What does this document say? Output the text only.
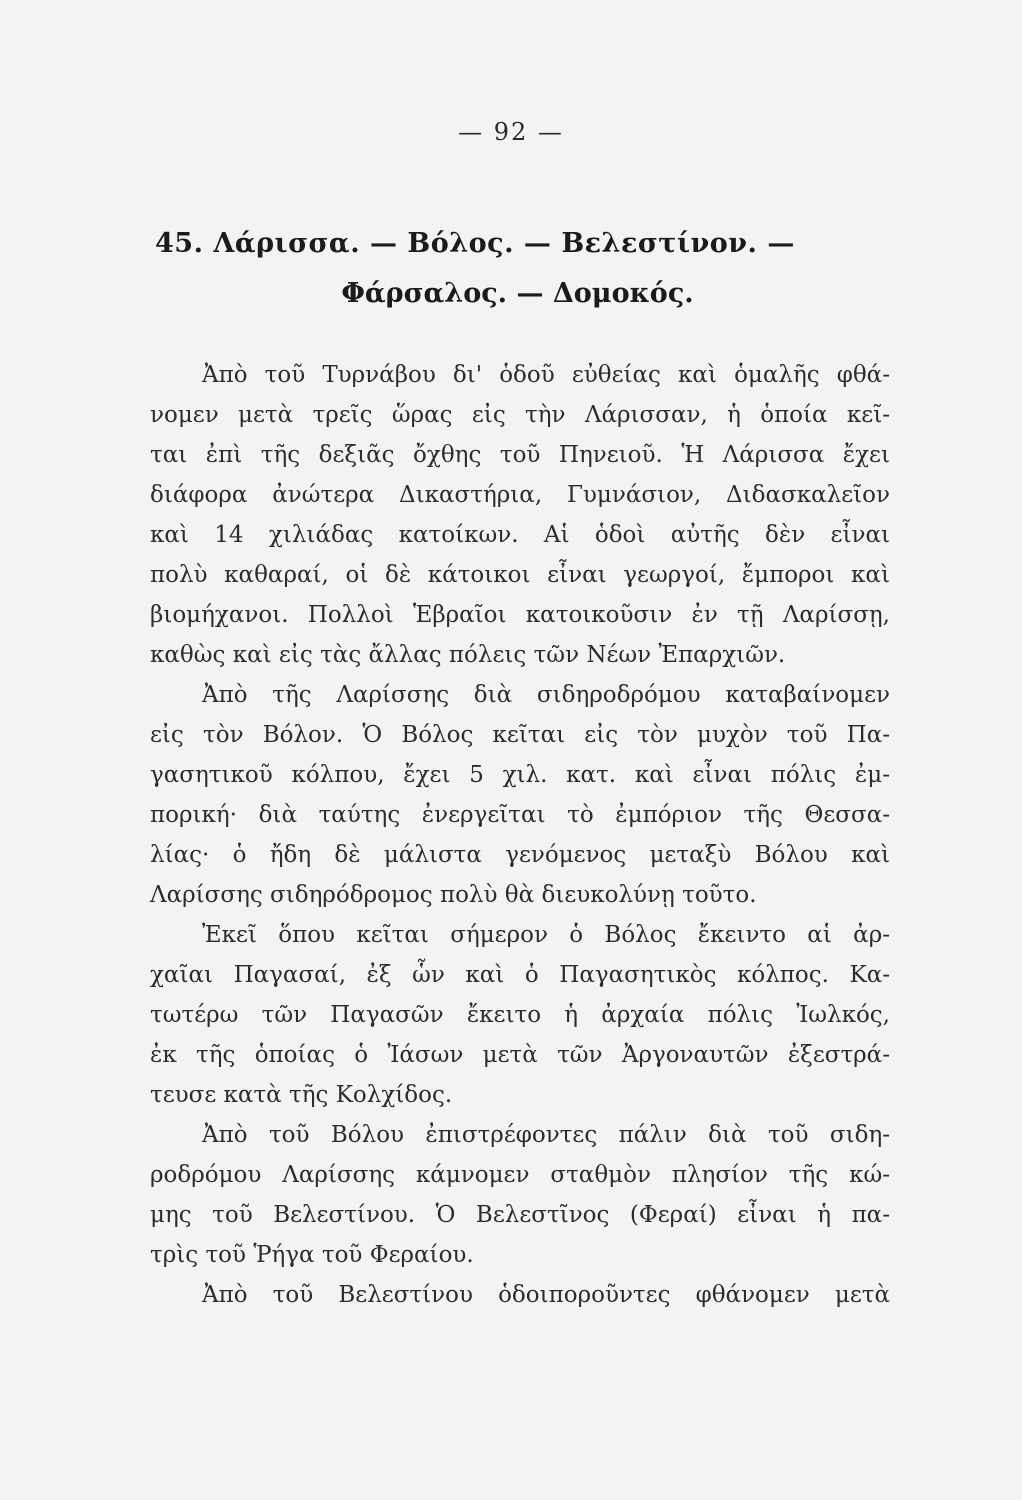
— 92 —
45. Λάρισσα. — Βόλος. — Βελεστίνον. —
Φάρσαλος. — Δομοκός.
Ἀπὸ τοῦ Τυρνάβου δι' ὁδοῦ εὐθείας καὶ ὁμαλῆς φθά-
νομεν μετὰ τρεῖς ὥρας εἰς τὴν Λάρισσαν, ἡ ὁποία κεῖ-
ται ἐπὶ τῆς δεξιᾶς ὄχθης τοῦ Πηνειοῦ. Ἡ Λάρισσα ἔχει
διάφορα ἀνώτερα Δικαστήρια, Γυμνάσιον, Διδασκαλεῖον
καὶ 14 χιλιάδας κατοίκων. Αἱ ὁδοὶ αὐτῆς δὲν εἶναι
πολὺ καθαραί, οἱ δὲ κάτοικοι εἶναι γεωργοί, ἔμποροι καὶ
βιομήχανοι. Πολλοὶ Ἑβραῖοι κατοικοῦσιν ἐν τῇ Λαρίσσῃ,
καθὼς καὶ εἰς τὰς ἄλλας πόλεις τῶν Νέων Ἐπαρχιῶν.
Ἀπὸ τῆς Λαρίσσης διὰ σιδηροδρόμου καταβαίνομεν
εἰς τὸν Βόλον. Ὁ Βόλος κεῖται εἰς τὸν μυχὸν τοῦ Πα-
γασητικοῦ κόλπου, ἔχει 5 χιλ. κατ. καὶ εἶναι πόλις ἐμ-
πορική· διὰ ταύτης ἐνεργεῖται τὸ ἐμπόριον τῆς Θεσσα-
λίας· ὁ ἤδη δὲ μάλιστα γενόμενος μεταξὺ Βόλου καὶ
Λαρίσσης σιδηρόδρομος πολὺ θὰ διευκολύνῃ τοῦτο.
Ἐκεῖ ὅπου κεῖται σήμερον ὁ Βόλος ἔκειντο αἱ ἀρ-
χαῖαι Παγασαί, ἐξ ὧν καὶ ὁ Παγασητικὸς κόλπος. Κα-
τωτέρω τῶν Παγασῶν ἔκειτο ἡ ἀρχαία πόλις Ἰωλκός,
ἐκ τῆς ὁποίας ὁ Ἰάσων μετὰ τῶν Ἀργοναυτῶν ἐξεστρά-
τευσε κατὰ τῆς Κολχίδος.
Ἀπὸ τοῦ Βόλου ἐπιστρέφοντες πάλιν διὰ τοῦ σιδη-
ροδρόμου Λαρίσσης κάμνομεν σταθμὸν πλησίον τῆς κώ-
μης τοῦ Βελεστίνου. Ὁ Βελεστῖνος (Φεραί) εἶναι ἡ πα-
τρὶς τοῦ Ῥήγα τοῦ Φεραίου.
Ἀπὸ τοῦ Βελεστίνου ὁδοιποροῦντες φθάνομεν μετὰ
